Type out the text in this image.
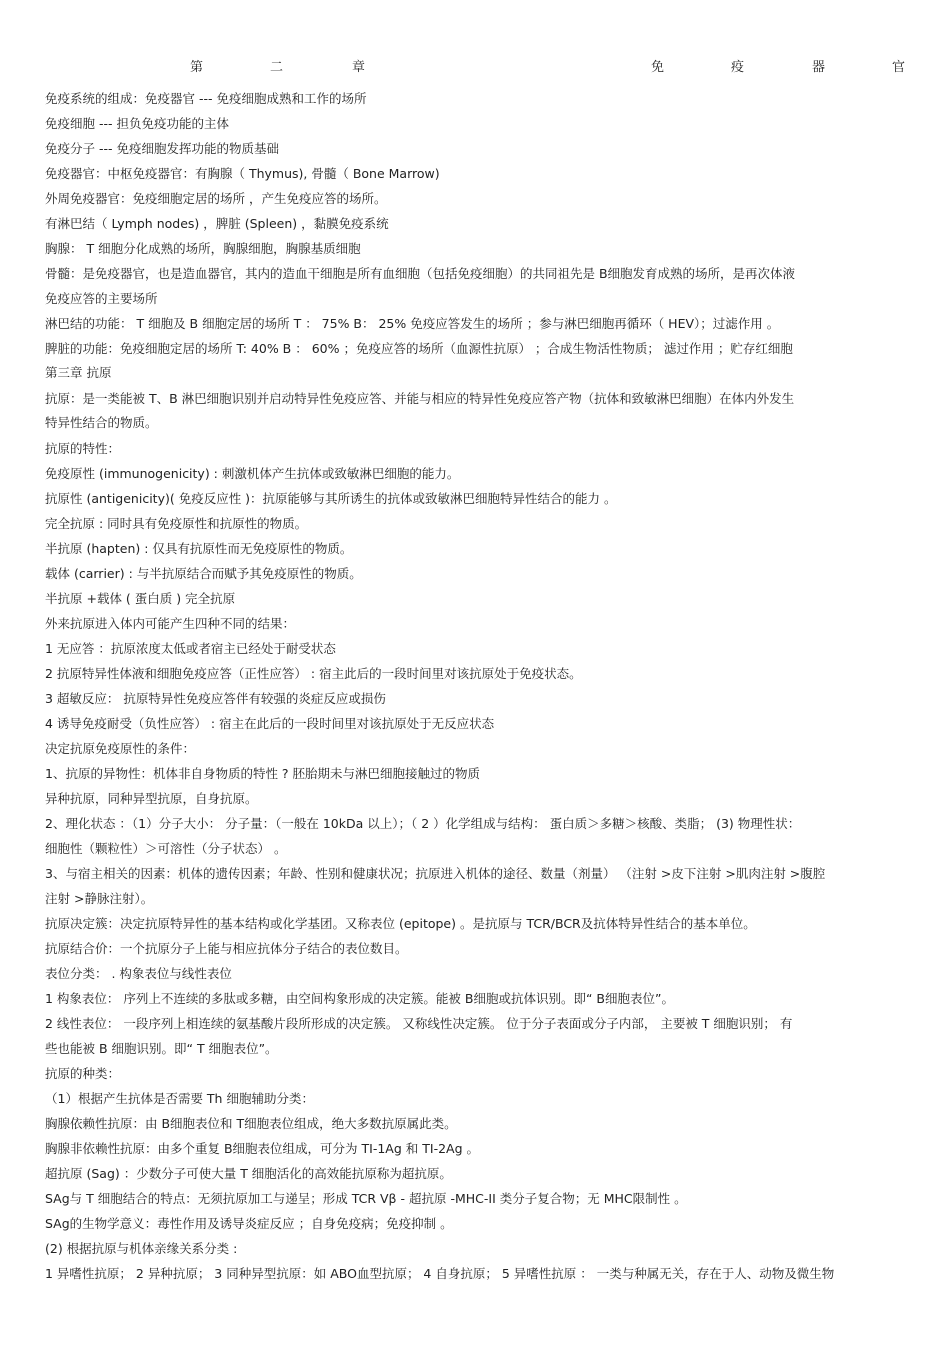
第	二	章	免	疫	器	官
免疫系统的组成：免疫器官 --- 免疫细胞成熟和工作的场所
免疫细胞 --- 担负免疫功能的主体
免疫分子 --- 免疫细胞发挥功能的物质基础
免疫器官：中枢免疫器官：有胸腺（ Thymus), 骨髓（ Bone Marrow)
外周免疫器官：免疫细胞定居的场所 ，产生免疫应答的场所。
有淋巴结（ Lymph nodes) ，脾脏 (Spleen) ，黏膜免疫系统
胸腺： T 细胞分化成熟的场所，胸腺细胞，胸腺基质细胞
骨髓：是免疫器官，也是造血器官，其内的造血干细胞是所有血细胞（包括免疫细胞）的共同祖先是 B细胞发育成熟的场所，是再次体液
免疫应答的主要场所
淋巴结的功能： T 细胞及 B 细胞定居的场所 T ： 75% B： 25% 免疫应答发生的场所 ；参与淋巴细胞再循环（ HEV）；过滤作用 。
脾脏的功能：免疫细胞定居的场所 T: 40% B ： 60% ；免疫应答的场所（血源性抗原） ；合成生物活性物质； 滤过作用 ；贮存红细胞
第三章 抗原
抗原：是一类能被 T、B 淋巴细胞识别并启动特异性免疫应答、并能与相应的特异性免疫应答产物（抗体和致敏淋巴细胞）在体内外发生
特异性结合的物质。
抗原的特性：
免疫原性 (immunogenicity) : 刺激机体产生抗体或致敏淋巴细胞的能力。
抗原性 (antigenicity)( 免疫反应性 )：抗原能够与其所诱生的抗体或致敏淋巴细胞特异性结合的能力 。
完全抗原 : 同时具有免疫原性和抗原性的物质。
半抗原 (hapten) : 仅具有抗原性而无免疫原性的物质。
载体 (carrier) : 与半抗原结合而赋予其免疫原性的物质。
半抗原 +载体 ( 蛋白质 ) 完全抗原
外来抗原进入体内可能产生四种不同的结果：
1 无应答 ：抗原浓度太低或者宿主已经处于耐受状态
2 抗原特异性体液和细胞免疫应答（正性应答） : 宿主此后的一段时间里对该抗原处于免疫状态。
3 超敏反应： 抗原特异性免疫应答伴有较强的炎症反应或损伤
4 诱导免疫耐受（负性应答） : 宿主在此后的一段时间里对该抗原处于无反应状态
决定抗原免疫原性的条件：
1、抗原的异物性：机体非自身物质的特性 ? 胚胎期未与淋巴细胞接触过的物质
异种抗原，同种异型抗原，自身抗原。
2、理化状态 ：（1）分子大小： 分子量：（一般在 10kDa 以上）；（ 2 ）化学组成与结构： 蛋白质＞多糖＞核酸、类脂； (3) 物理性状：
细胞性（颗粒性）＞可溶性（分子状态） 。
3、与宿主相关的因素：机体的遗传因素；年龄、性别和健康状况；抗原进入机体的途径、数量（剂量） （注射 >皮下注射 >肌肉注射 >腹腔
注射 >静脉注射）。
抗原决定簇：决定抗原特异性的基本结构或化学基团。又称表位 (epitope) 。是抗原与 TCR/BCR及抗体特异性结合的基本单位。
抗原结合价：一个抗原分子上能与相应抗体分子结合的表位数目。
表位分类： . 构象表位与线性表位
1 构象表位： 序列上不连续的多肽或多糖，由空间构象形成的决定簇。能被 B细胞或抗体识别。即“ B细胞表位”。
2 线性表位： 一段序列上相连续的氨基酸片段所形成的决定簇。 又称线性决定簇。 位于分子表面或分子内部， 主要被 T 细胞识别； 有
些也能被 B 细胞识别。即“ T 细胞表位”。
抗原的种类：
（1）根据产生抗体是否需要 Th 细胞辅助分类：
胸腺依赖性抗原：由 B细胞表位和 T细胞表位组成，绝大多数抗原属此类。
胸腺非依赖性抗原：由多个重复 B细胞表位组成，可分为 TI-1Ag 和 TI-2Ag 。
超抗原 (Sag) ：少数分子可使大量 T 细胞活化的高效能抗原称为超抗原。
SAg与 T 细胞结合的特点：无须抗原加工与递呈；形成 TCR Vβ - 超抗原 -MHC-II 类分子复合物；无 MHC限制性 。
SAg的生物学意义：毒性作用及诱导炎症反应 ；自身免疫病；免疫抑制 。
(2) 根据抗原与机体亲缘关系分类 :
1 异嗜性抗原； 2 异种抗原； 3 同种异型抗原：如 ABO血型抗原； 4 自身抗原； 5 异嗜性抗原 ： 一类与种属无关，存在于人、动物及微生物
